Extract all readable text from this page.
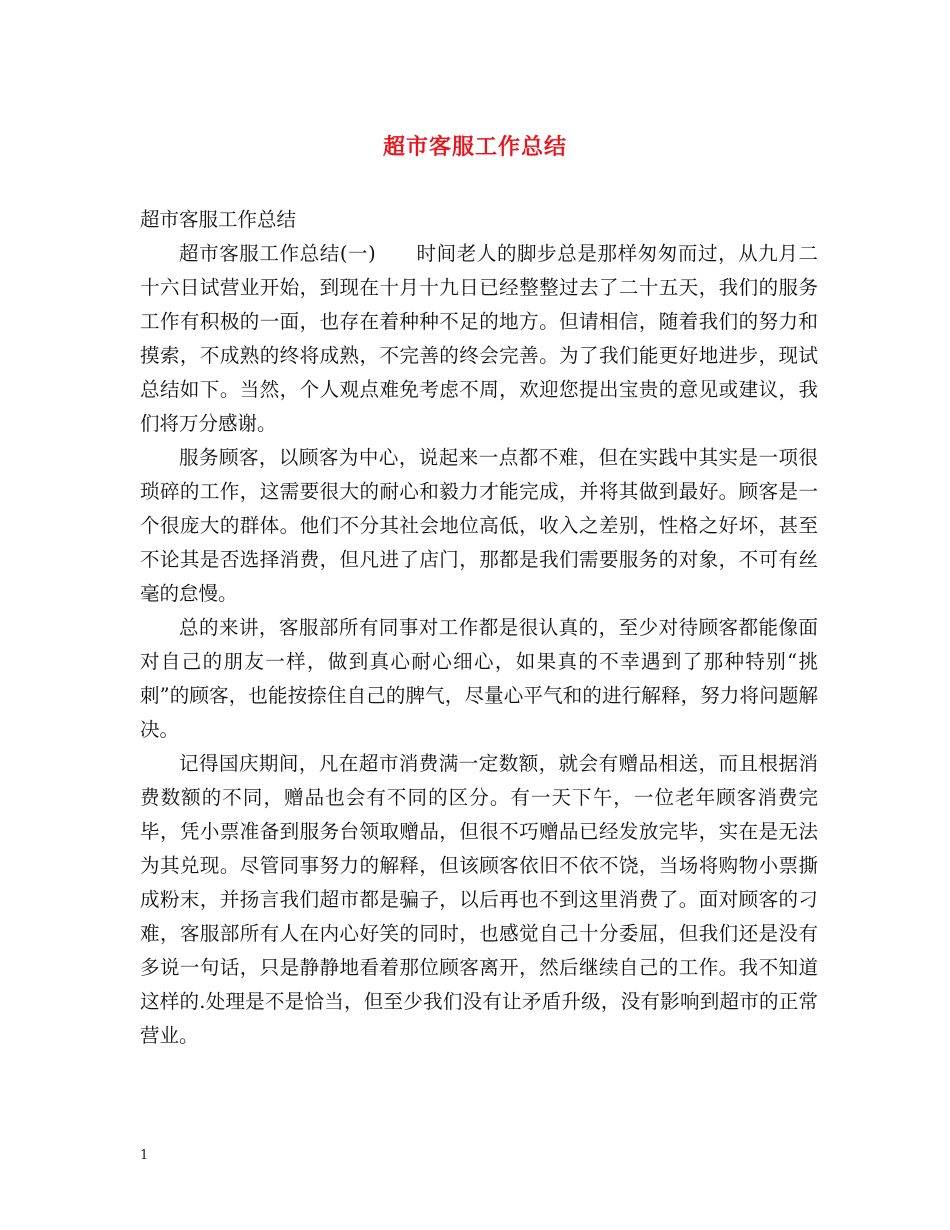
超市客服工作总结

超市客服工作总结

超市客服工作总结(一)　　时间老人的脚步总是那样匆匆而过，从九月二十六日试营业开始，到现在十月十九日已经整整过去了二十五天，我们的服务工作有积极的一面，也存在着种种不足的地方。但请相信，随着我们的努力和摸索，不成熟的终将成熟，不完善的终会完善。为了我们能更好地进步，现试总结如下。当然，个人观点难免考虑不周，欢迎您提出宝贵的意见或建议，我们将万分感谢。

服务顾客，以顾客为中心，说起来一点都不难，但在实践中其实是一项很琐碎的工作，这需要很大的耐心和毅力才能完成，并将其做到最好。顾客是一个很庞大的群体。他们不分其社会地位高低，收入之差别，性格之好坏，甚至不论其是否选择消费，但凡进了店门，那都是我们需要服务的对象，不可有丝毫的怠慢。

总的来讲，客服部所有同事对工作都是很认真的，至少对待顾客都能像面对自己的朋友一样，做到真心耐心细心，如果真的不幸遇到了那种特别“挑刺”的顾客，也能按捺住自己的脾气，尽量心平气和的进行解释，努力将问题解决。

记得国庆期间，凡在超市消费满一定数额，就会有赠品相送，而且根据消费数额的不同，赠品也会有不同的区分。有一天下午，一位老年顾客消费完毕，凭小票准备到服务台领取赠品，但很不巧赠品已经发放完毕，实在是无法为其兑现。尽管同事努力的解释，但该顾客依旧不依不饶，当场将购物小票撕成粉末，并扬言我们超市都是骗子，以后再也不到这里消费了。面对顾客的刁难，客服部所有人在内心好笑的同时，也感觉自己十分委屈，但我们还是没有多说一句话，只是静静地看着那位顾客离开，然后继续自己的工作。我不知道这样的.处理是不是恰当，但至少我们没有让矛盾升级，没有影响到超市的正常营业。

1
